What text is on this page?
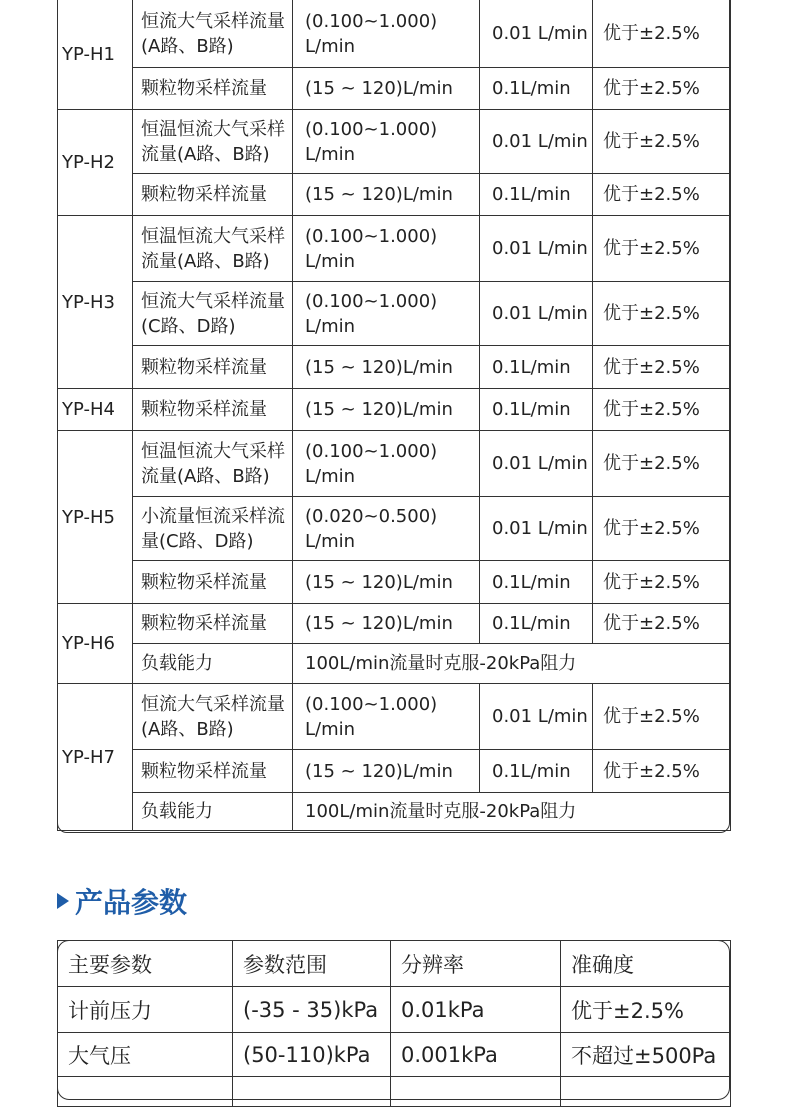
YP-H1	恒流大气采样流量(A路、B路)	(0.100~1.000) L/min	0.01 L/min	优于±2.5%
	颗粒物采样流量	(15 ~ 120)L/min	0.1L/min	优于±2.5%
YP-H2	恒温恒流大气采样流量(A路、B路)	(0.100~1.000) L/min	0.01 L/min	优于±2.5%
	颗粒物采样流量	(15 ~ 120)L/min	0.1L/min	优于±2.5%
YP-H3	恒温恒流大气采样流量(A路、B路)	(0.100~1.000) L/min	0.01 L/min	优于±2.5%
	恒流大气采样流量(C路、D路)	(0.100~1.000) L/min	0.01 L/min	优于±2.5%
	颗粒物采样流量	(15 ~ 120)L/min	0.1L/min	优于±2.5%
YP-H4	颗粒物采样流量	(15 ~ 120)L/min	0.1L/min	优于±2.5%
YP-H5	恒温恒流大气采样流量(A路、B路)	(0.100~1.000) L/min	0.01 L/min	优于±2.5%
	小流量恒流采样流量(C路、D路)	(0.020~0.500) L/min	0.01 L/min	优于±2.5%
	颗粒物采样流量	(15 ~ 120)L/min	0.1L/min	优于±2.5%
YP-H6	颗粒物采样流量	(15 ~ 120)L/min	0.1L/min	优于±2.5%
	负载能力	100L/min流量时克服-20kPa阻力		
YP-H7	恒流大气采样流量(A路、B路)	(0.100~1.000) L/min	0.01 L/min	优于±2.5%
	颗粒物采样流量	(15 ~ 120)L/min	0.1L/min	优于±2.5%
	负载能力	100L/min流量时克服-20kPa阻力		
产品参数
主要参数	参数范围	分辨率	准确度
计前压力	(-35 - 35)kPa	0.01kPa	优于±2.5%
大气压	(50-110)kPa	0.001kPa	不超过±500Pa
